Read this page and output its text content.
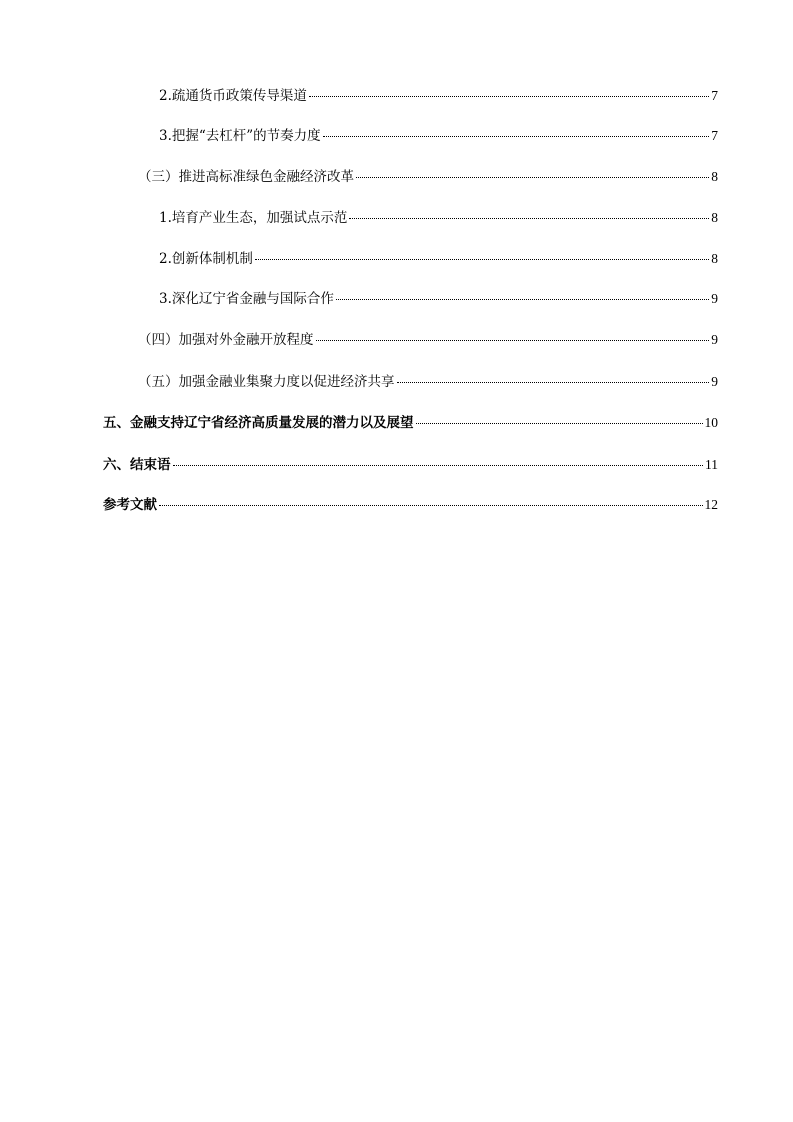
2.疏通货币政策传导渠道	7
3.把握“去杠杆”的节奏力度	7
（三）推进高标准绿色金融经济改革	8
1.培育产业生态，加强试点示范	8
2.创新体制机制	8
3.深化辽宁省金融与国际合作	9
（四）加强对外金融开放程度	9
（五）加强金融业集聚力度以促进经济共享	9
五、金融支持辽宁省经济高质量发展的潜力以及展望	10
六、结束语	11
参考文献	12
